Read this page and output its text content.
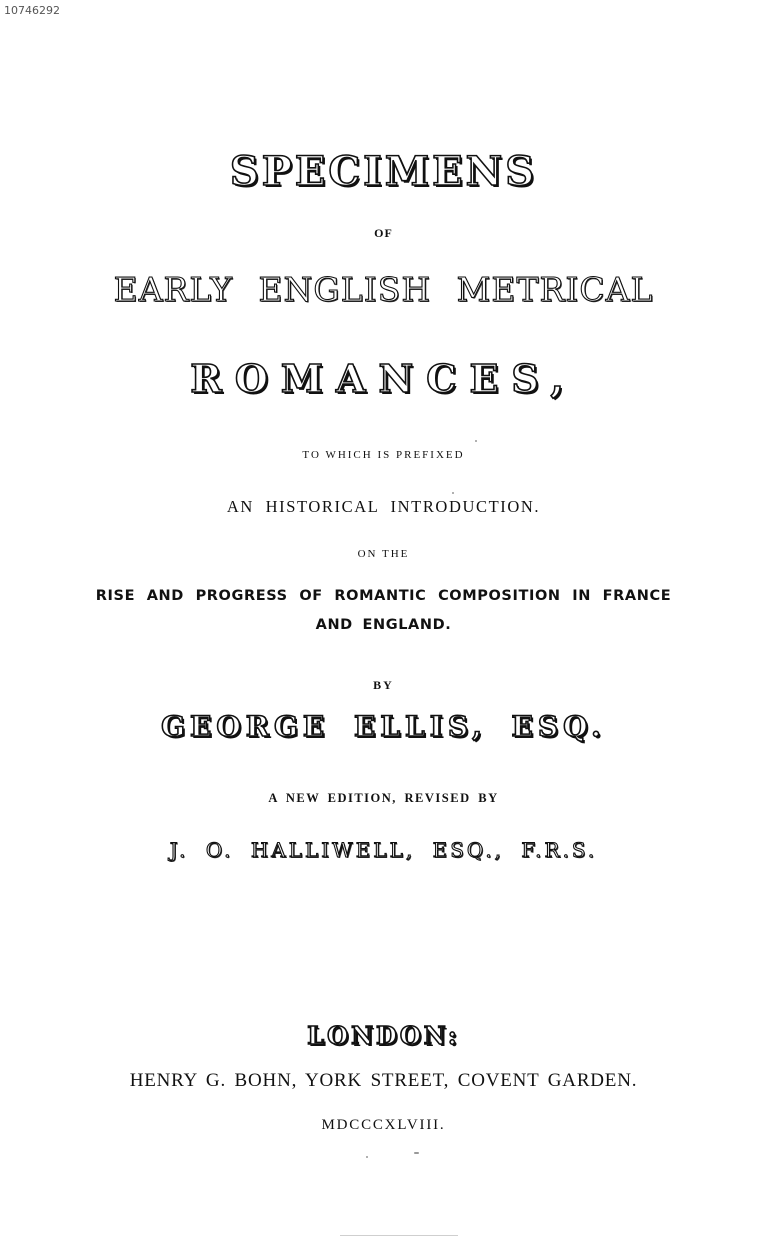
10746292
SPECIMENS
OF
EARLY ENGLISH METRICAL
ROMANCES,
TO WHICH IS PREFIXED
AN HISTORICAL INTRODUCTION.
ON THE
RISE AND PROGRESS OF ROMANTIC COMPOSITION IN FRANCE
AND ENGLAND.
BY
GEORGE ELLIS, ESQ.
A NEW EDITION, REVISED BY
J. O. HALLIWELL, ESQ., F.R.S.
LONDON:
HENRY G. BOHN, YORK STREET, COVENT GARDEN.
MDCCCXLVIII.
